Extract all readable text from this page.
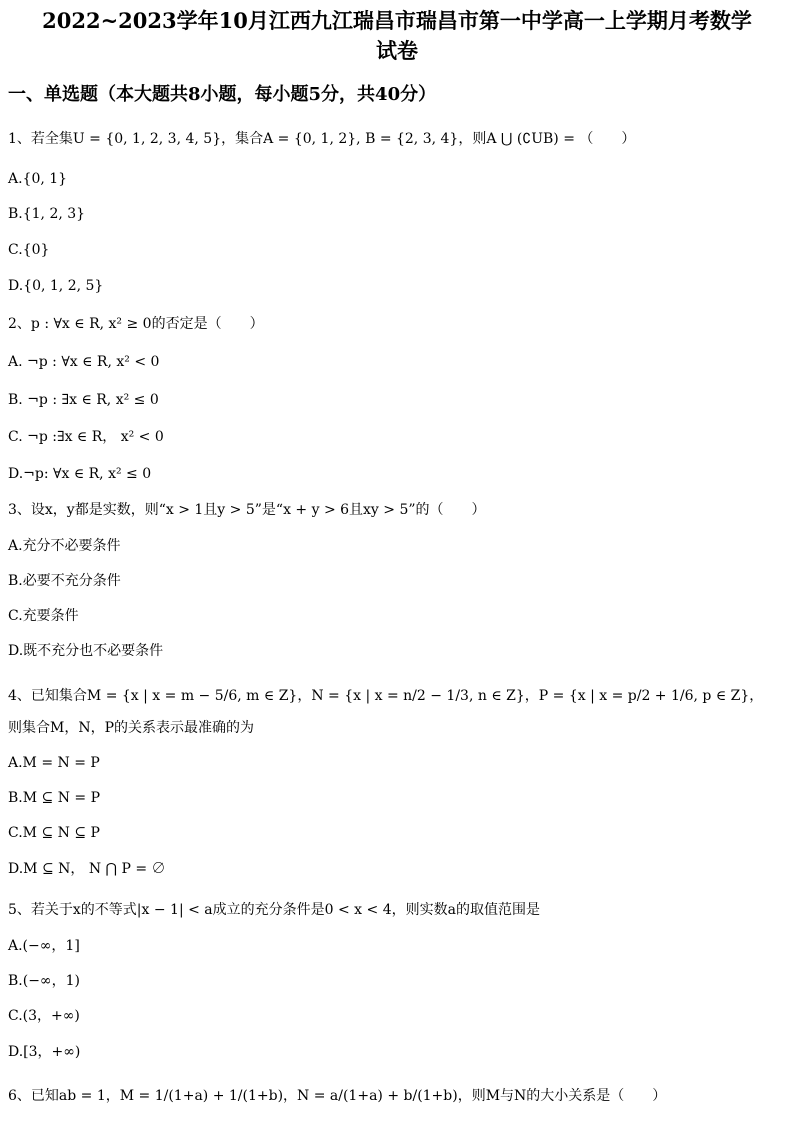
2022~2023学年10月江西九江瑞昌市瑞昌市第一中学高一上学期月考数学
试卷
一、单选题（本大题共8小题，每小题5分，共40分）
1、若全集U = {0, 1, 2, 3, 4, 5}，集合A = {0, 1, 2}, B = {2, 3, 4}，则A ⋃ (∁UB) = （　　）
A.{0, 1}
B.{1, 2, 3}
C.{0}
D.{0, 1, 2, 5}
2、p : ∀x ∈ R, x² ≥ 0的否定是（　　）
A. ¬p : ∀x ∈ R, x² < 0
B. ¬p : ∃x ∈ R, x² ≤ 0
C. ¬p :∃x ∈ R， x² < 0
D.¬p: ∀x ∈ R, x² ≤ 0
3、设x，y都是实数，则“x > 1且y > 5”是“x + y > 6且xy > 5”的（　　）
A.充分不必要条件
B.必要不充分条件
C.充要条件
D.既不充分也不必要条件
4、已知集合M = {x | x = m − 5/6, m ∈ Z}，N = {x | x = n/2 − 1/3, n ∈ Z}，P = {x | x = p/2 + 1/6, p ∈ Z}，
则集合M，N，P的关系表示最准确的为
A.M = N = P
B.M ⊆ N = P
C.M ⊆ N ⊆ P
D.M ⊆ N， N ⋂ P = ∅
5、若关于x的不等式|x − 1| < a成立的充分条件是0 < x < 4，则实数a的取值范围是
A.(−∞，1]
B.(−∞，1)
C.(3，+∞)
D.[3，+∞)
6、已知ab = 1，M = 1/(1+a) + 1/(1+b)，N = a/(1+a) + b/(1+b)，则M与N的大小关系是（　　）
